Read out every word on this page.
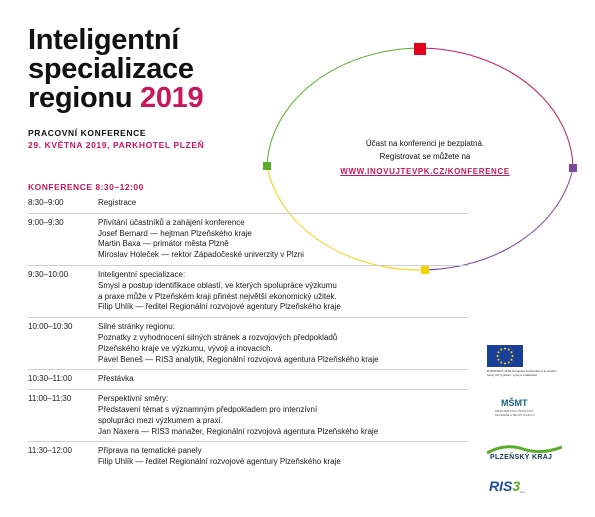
Inteligentní
specializace
regionu 2019
PRACOVNÍ KONFERENCE
29. KVĚTNA 2019, PARKHOTEL PLZEŇ	Účast na konferenci je bezplatná.
Registrovat se můžete na
WWW.INOVUJTEVPK.CZ/KONFERENCE
KONFERENCE 8:30–12:00
8:30–9:00	Registrace
9:00–9:30	Přivítání účastníků a zahájení konference
Josef Bernard — hejtman Plzeňského kraje
Martin Baxa — primátor města Plzně
Miroslav Holeček — rektor Západočeské univerzity v Plzni
9:30–10:00	Inteligentní specializace:
Smysl a postup identifikace oblastí, ve kterých spolupráce výzkumu
a praxe může v Plzeňském kraji přinést největší ekonomický užitek.
Filip Uhlík — ředitel Regionální rozvojové agentury Plzeňského kraje
10:00–10:30	Silné stránky regionu:
Poznatky z vyhodnocení silných stránek a rozvojových předpokladů
Plzeňského kraje ve výzkumu, vývoji a inovacích.
Pavel Beneš — RIS3 analytik, Regionální rozvojová agentura Plzeňského kraje
10:30–11:00	Přestávka
11:00–11:30	Perspektivní směry:
Představení témat s významným předpokladem pro intenzívní
spolupráci mezi výzkumem a praxí.
Jan Naxera — RIS3 manažer, Regionální rozvojová agentura Plzeňského kraje
11:30–12:00	Příprava na tematické panely
Filip Uhlík — ředitel Regionální rozvojové agentury Plzeňského kraje
EVROPSKÁ UNIE Evropské strukturální a investiční fondy OP Výzkum, vývoj a vzdělávání
MŠMT
MINISTERSTVO ŠKOLSTVÍ, MLÁDEŽE A TĚLOVÝCHOVY
PLZEŇSKÝ KRAJ
RIS3 kraj
